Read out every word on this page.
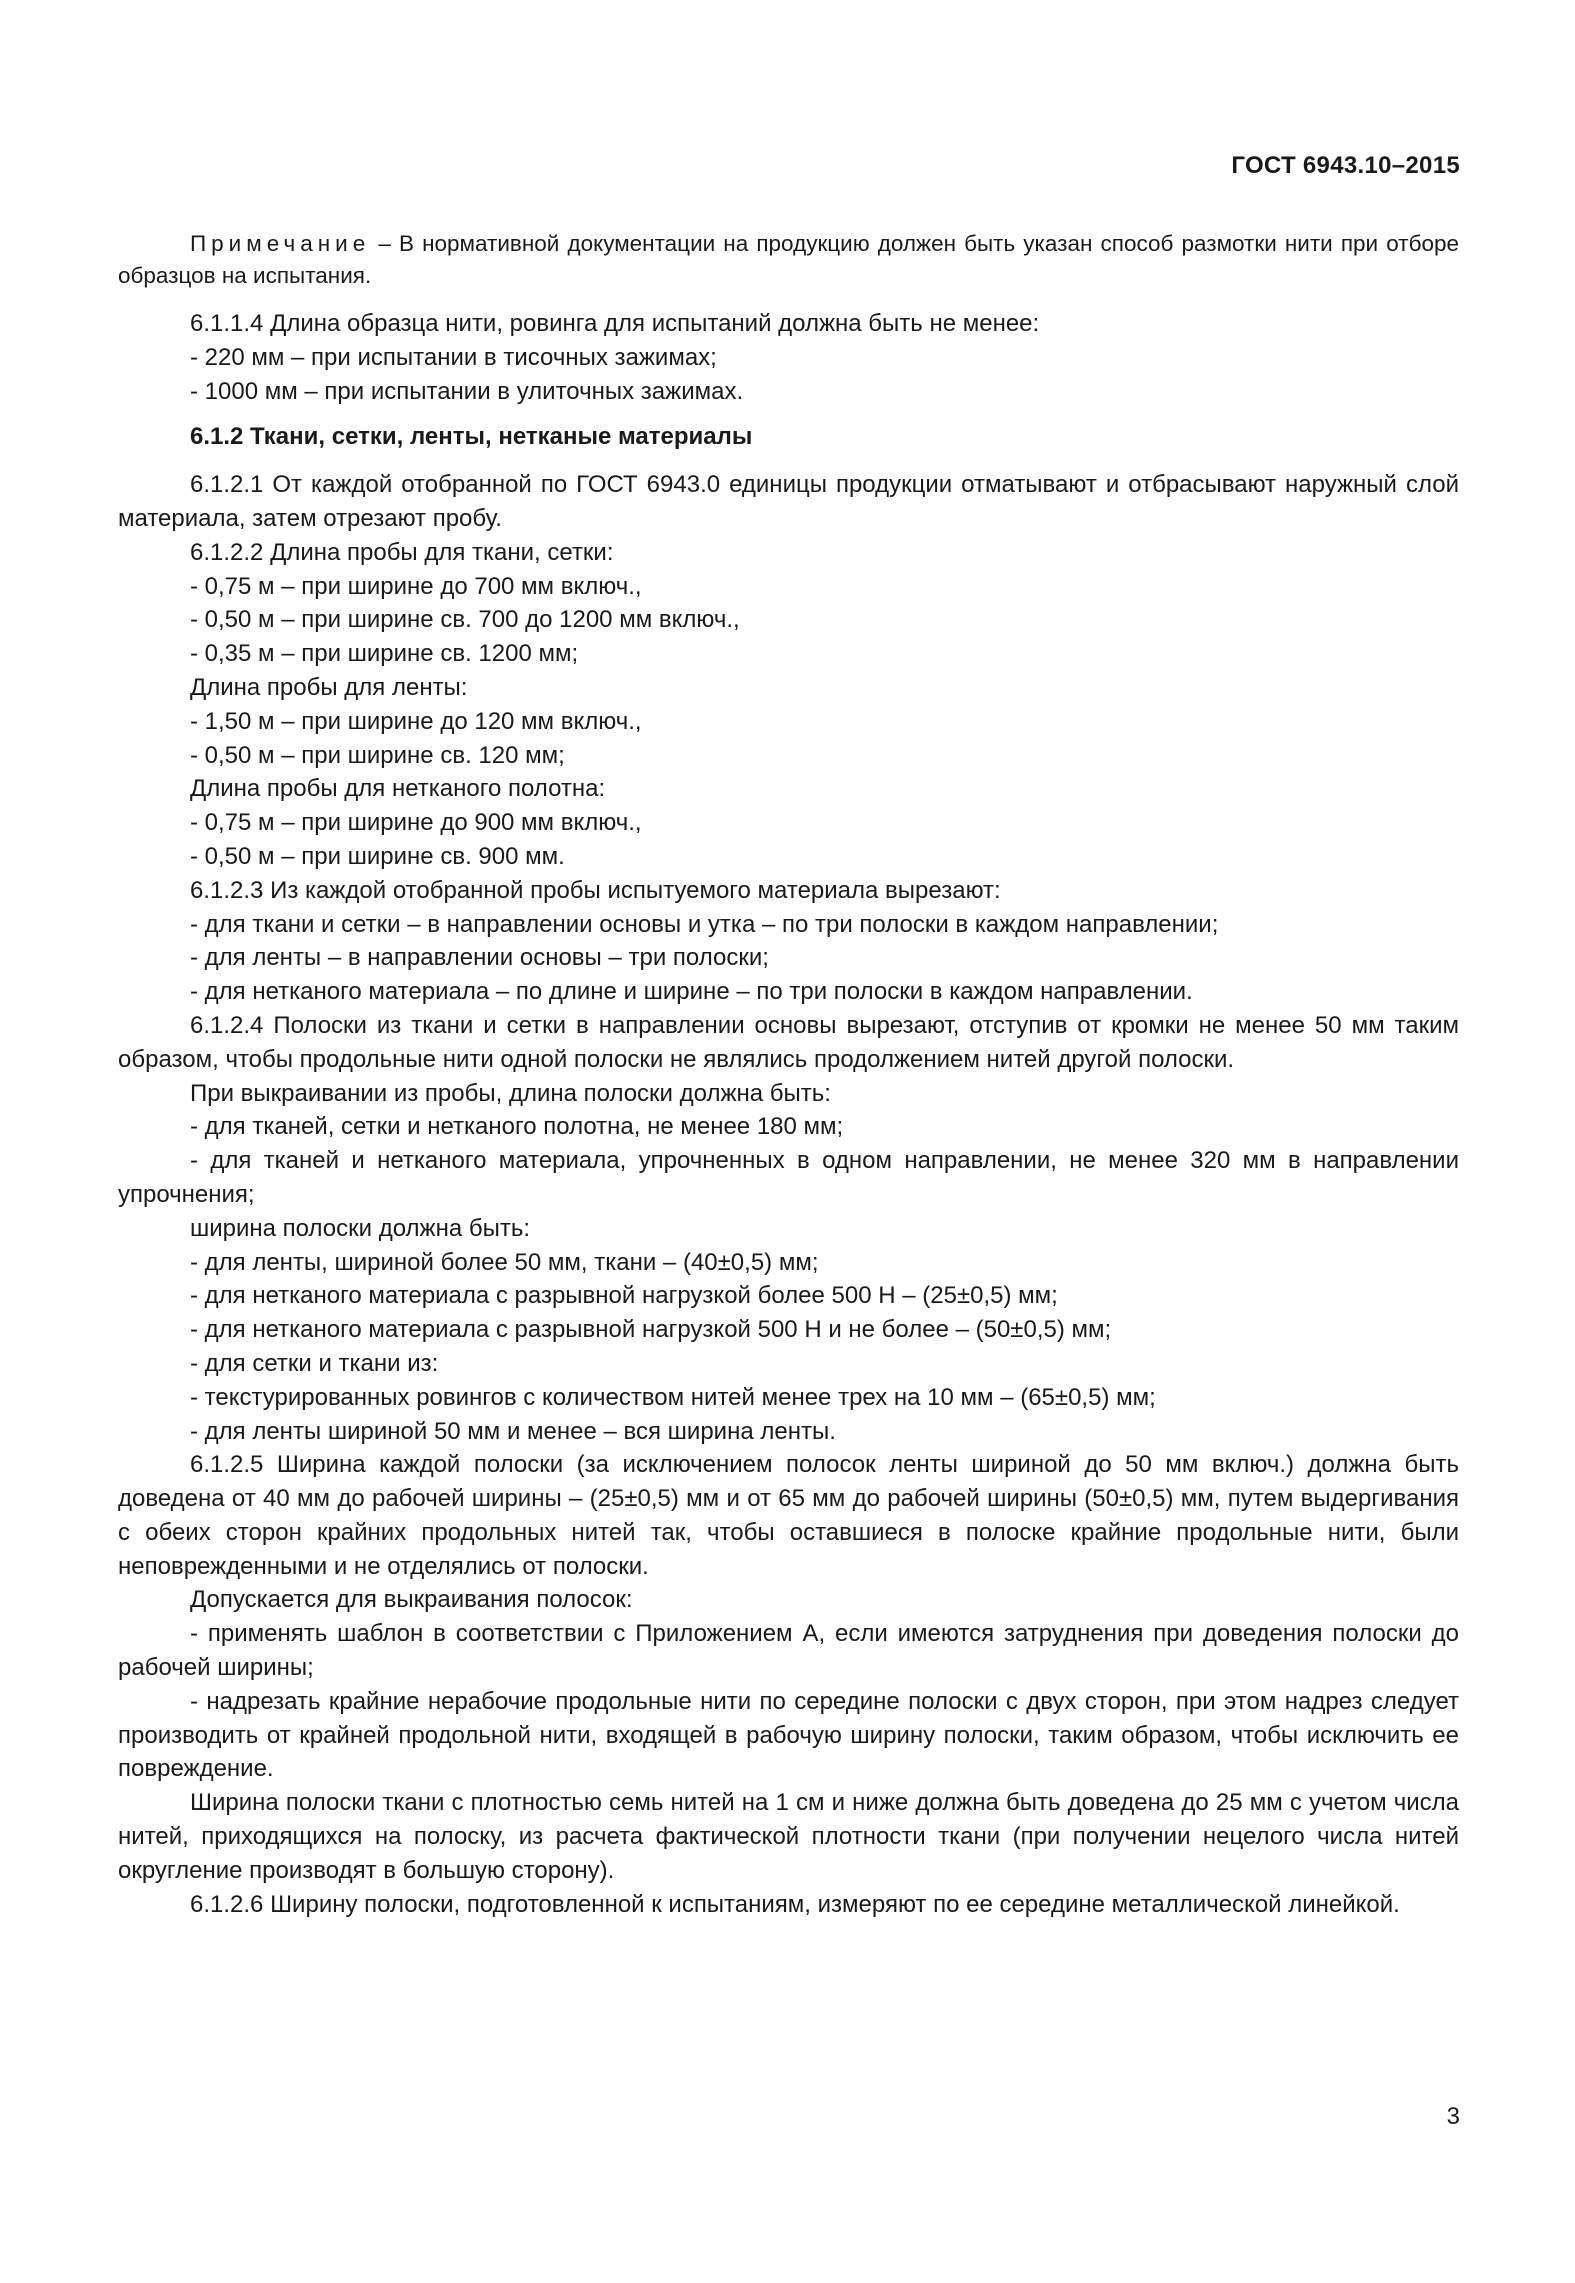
ГОСТ 6943.10–2015

Примечание – В нормативной документации на продукцию должен быть указан способ размотки нити при отборе образцов на испытания.

6.1.1.4 Длина образца нити, ровинга для испытаний должна быть не менее:

- 220 мм – при испытании в тисочных зажимах;

- 1000 мм – при испытании в улиточных зажимах.

6.1.2 Ткани, сетки, ленты, нетканые материалы

6.1.2.1 От каждой отобранной по ГОСТ 6943.0 единицы продукции отматывают и отбрасывают наружный слой материала, затем отрезают пробу.

6.1.2.2 Длина пробы для ткани, сетки:

- 0,75 м – при ширине до 700 мм включ.,

- 0,50 м – при ширине св. 700 до 1200 мм включ.,

- 0,35 м – при ширине св. 1200 мм;

Длина пробы для ленты:

- 1,50 м – при ширине до 120 мм включ.,

- 0,50 м – при ширине св. 120 мм;

Длина пробы для нетканого полотна:

- 0,75 м – при ширине до 900 мм включ.,

- 0,50 м – при ширине св. 900 мм.

6.1.2.3 Из каждой отобранной пробы испытуемого материала вырезают:

- для ткани и сетки – в направлении основы и утка – по три полоски в каждом направлении;

- для ленты – в направлении основы – три полоски;

- для нетканого материала – по длине и ширине – по три полоски в каждом направлении.

6.1.2.4 Полоски из ткани и сетки в направлении основы вырезают, отступив от кромки не менее 50 мм таким образом, чтобы продольные нити одной полоски не являлись продолжением нитей другой полоски.

При выкраивании из пробы, длина полоски должна быть:

- для тканей, сетки и нетканого полотна, не менее 180 мм;

- для тканей и нетканого материала, упрочненных в одном направлении, не менее 320 мм в направлении упрочнения;

ширина полоски должна быть:

- для ленты, шириной более 50 мм, ткани – (40±0,5) мм;

- для нетканого материала с разрывной нагрузкой более 500 Н – (25±0,5) мм;

- для нетканого материала с разрывной нагрузкой 500 Н и не более – (50±0,5) мм;

- для сетки и ткани из:

- текстурированных ровингов с количеством нитей менее трех на 10 мм – (65±0,5) мм;

- для ленты шириной 50 мм и менее – вся ширина ленты.

6.1.2.5 Ширина каждой полоски (за исключением полосок ленты шириной до 50 мм включ.) должна быть доведена от 40 мм до рабочей ширины – (25±0,5) мм и от 65 мм до рабочей ширины (50±0,5) мм, путем выдергивания с обеих сторон крайних продольных нитей так, чтобы оставшиеся в полоске крайние продольные нити, были неповрежденными и не отделялись от полоски.

Допускается для выкраивания полосок:

- применять шаблон в соответствии с Приложением А, если имеются затруднения при доведения полоски до рабочей ширины;

- надрезать крайние нерабочие продольные нити по середине полоски с двух сторон, при этом надрез следует производить от крайней продольной нити, входящей в рабочую ширину полоски, таким образом, чтобы исключить ее повреждение.

Ширина полоски ткани с плотностью семь нитей на 1 см и ниже должна быть доведена до 25 мм с учетом числа нитей, приходящихся на полоску, из расчета фактической плотности ткани (при получении нецелого числа нитей округление производят в большую сторону).

6.1.2.6 Ширину полоски, подготовленной к испытаниям, измеряют по ее середине металлической линейкой.

3
